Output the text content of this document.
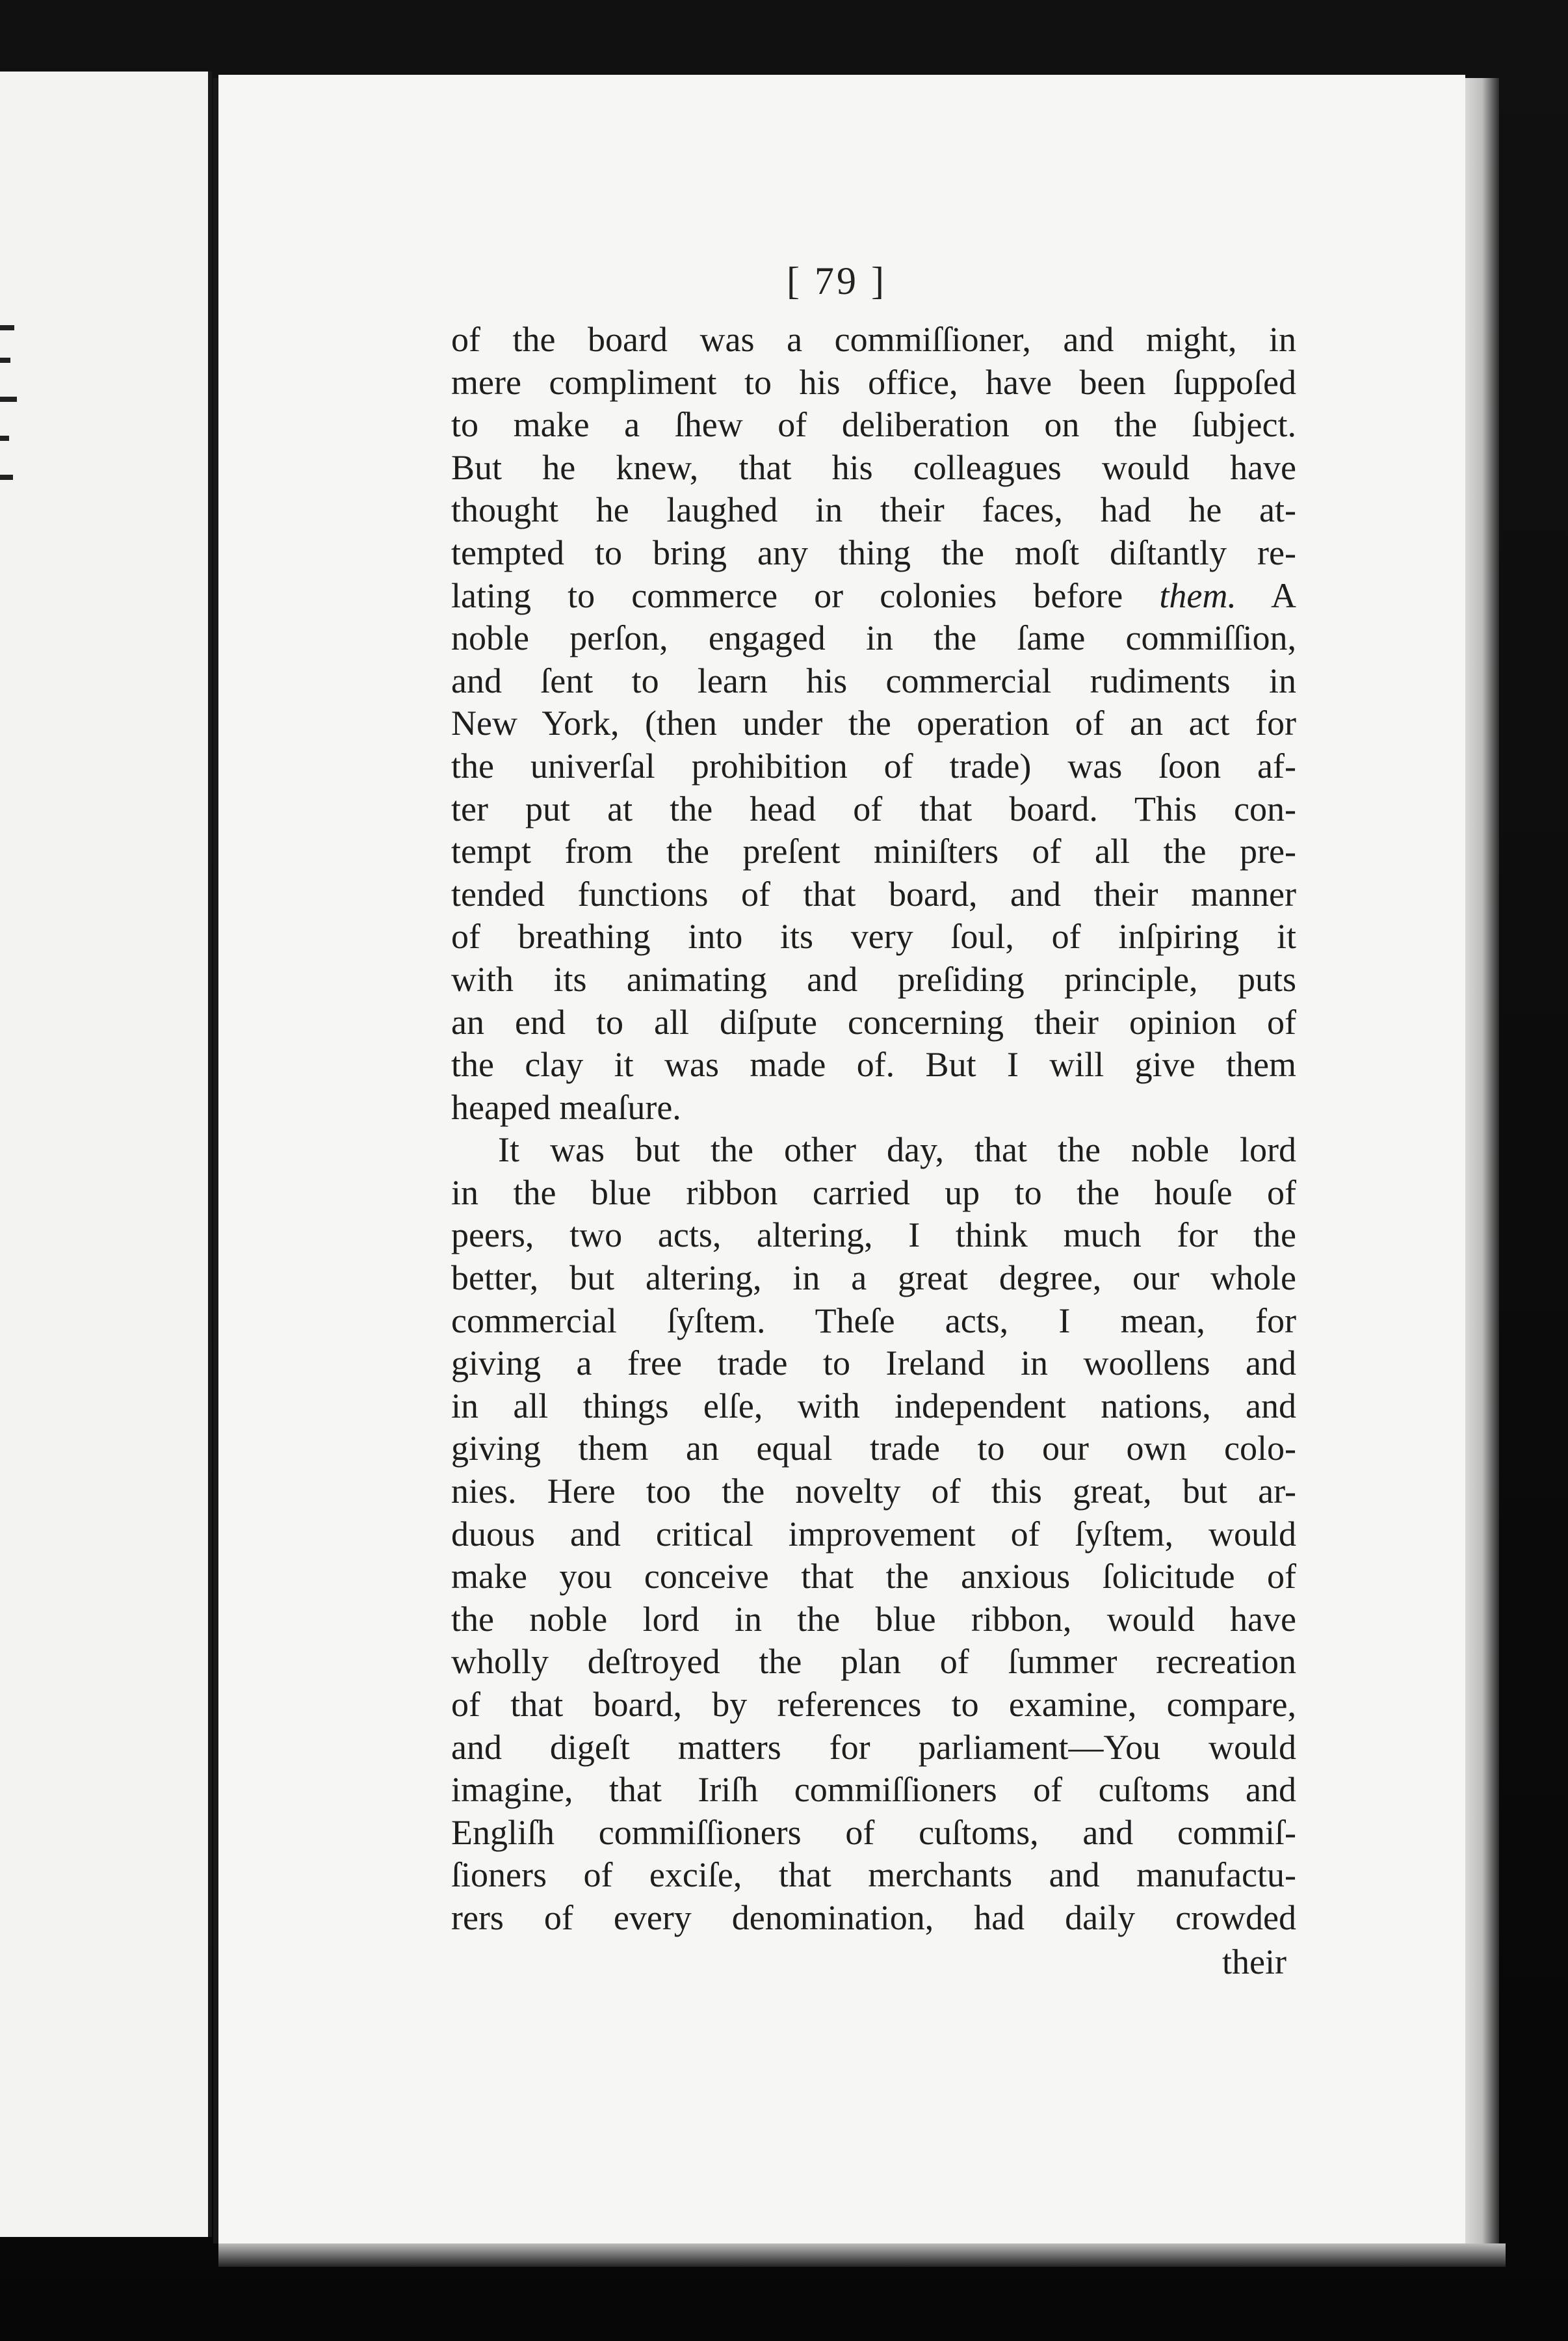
[ 79 ]
of the board was a commiſſioner, and might, in
mere compliment to his office, have been ſuppoſed
to make a ſhew of deliberation on the ſubject.
But he knew, that his colleagues would have
thought he laughed in their faces, had he at-
tempted to bring any thing the moſt diſtantly re-
lating to commerce or colonies before them. A
noble perſon, engaged in the ſame commiſſion,
and ſent to learn his commercial rudiments in
New York, (then under the operation of an act for
the univerſal prohibition of trade) was ſoon af-
ter put at the head of that board. This con-
tempt from the preſent miniſters of all the pre-
tended functions of that board, and their manner
of breathing into its very ſoul, of inſpiring it
with its animating and preſiding principle, puts
an end to all diſpute concerning their opinion of
the clay it was made of. But I will give them
heaped meaſure.
It was but the other day, that the noble lord
in the blue ribbon carried up to the houſe of
peers, two acts, altering, I think much for the
better, but altering, in a great degree, our whole
commercial ſyſtem. Theſe acts, I mean, for
giving a free trade to Ireland in woollens and
in all things elſe, with independent nations, and
giving them an equal trade to our own colo-
nies. Here too the novelty of this great, but ar-
duous and critical improvement of ſyſtem, would
make you conceive that the anxious ſolicitude of
the noble lord in the blue ribbon, would have
wholly deſtroyed the plan of ſummer recreation
of that board, by references to examine, compare,
and digeſt matters for parliament—You would
imagine, that Iriſh commiſſioners of cuſtoms and
Engliſh commiſſioners of cuſtoms, and commiſ-
ſioners of exciſe, that merchants and manufactu-
rers of every denomination, had daily crowded
their
